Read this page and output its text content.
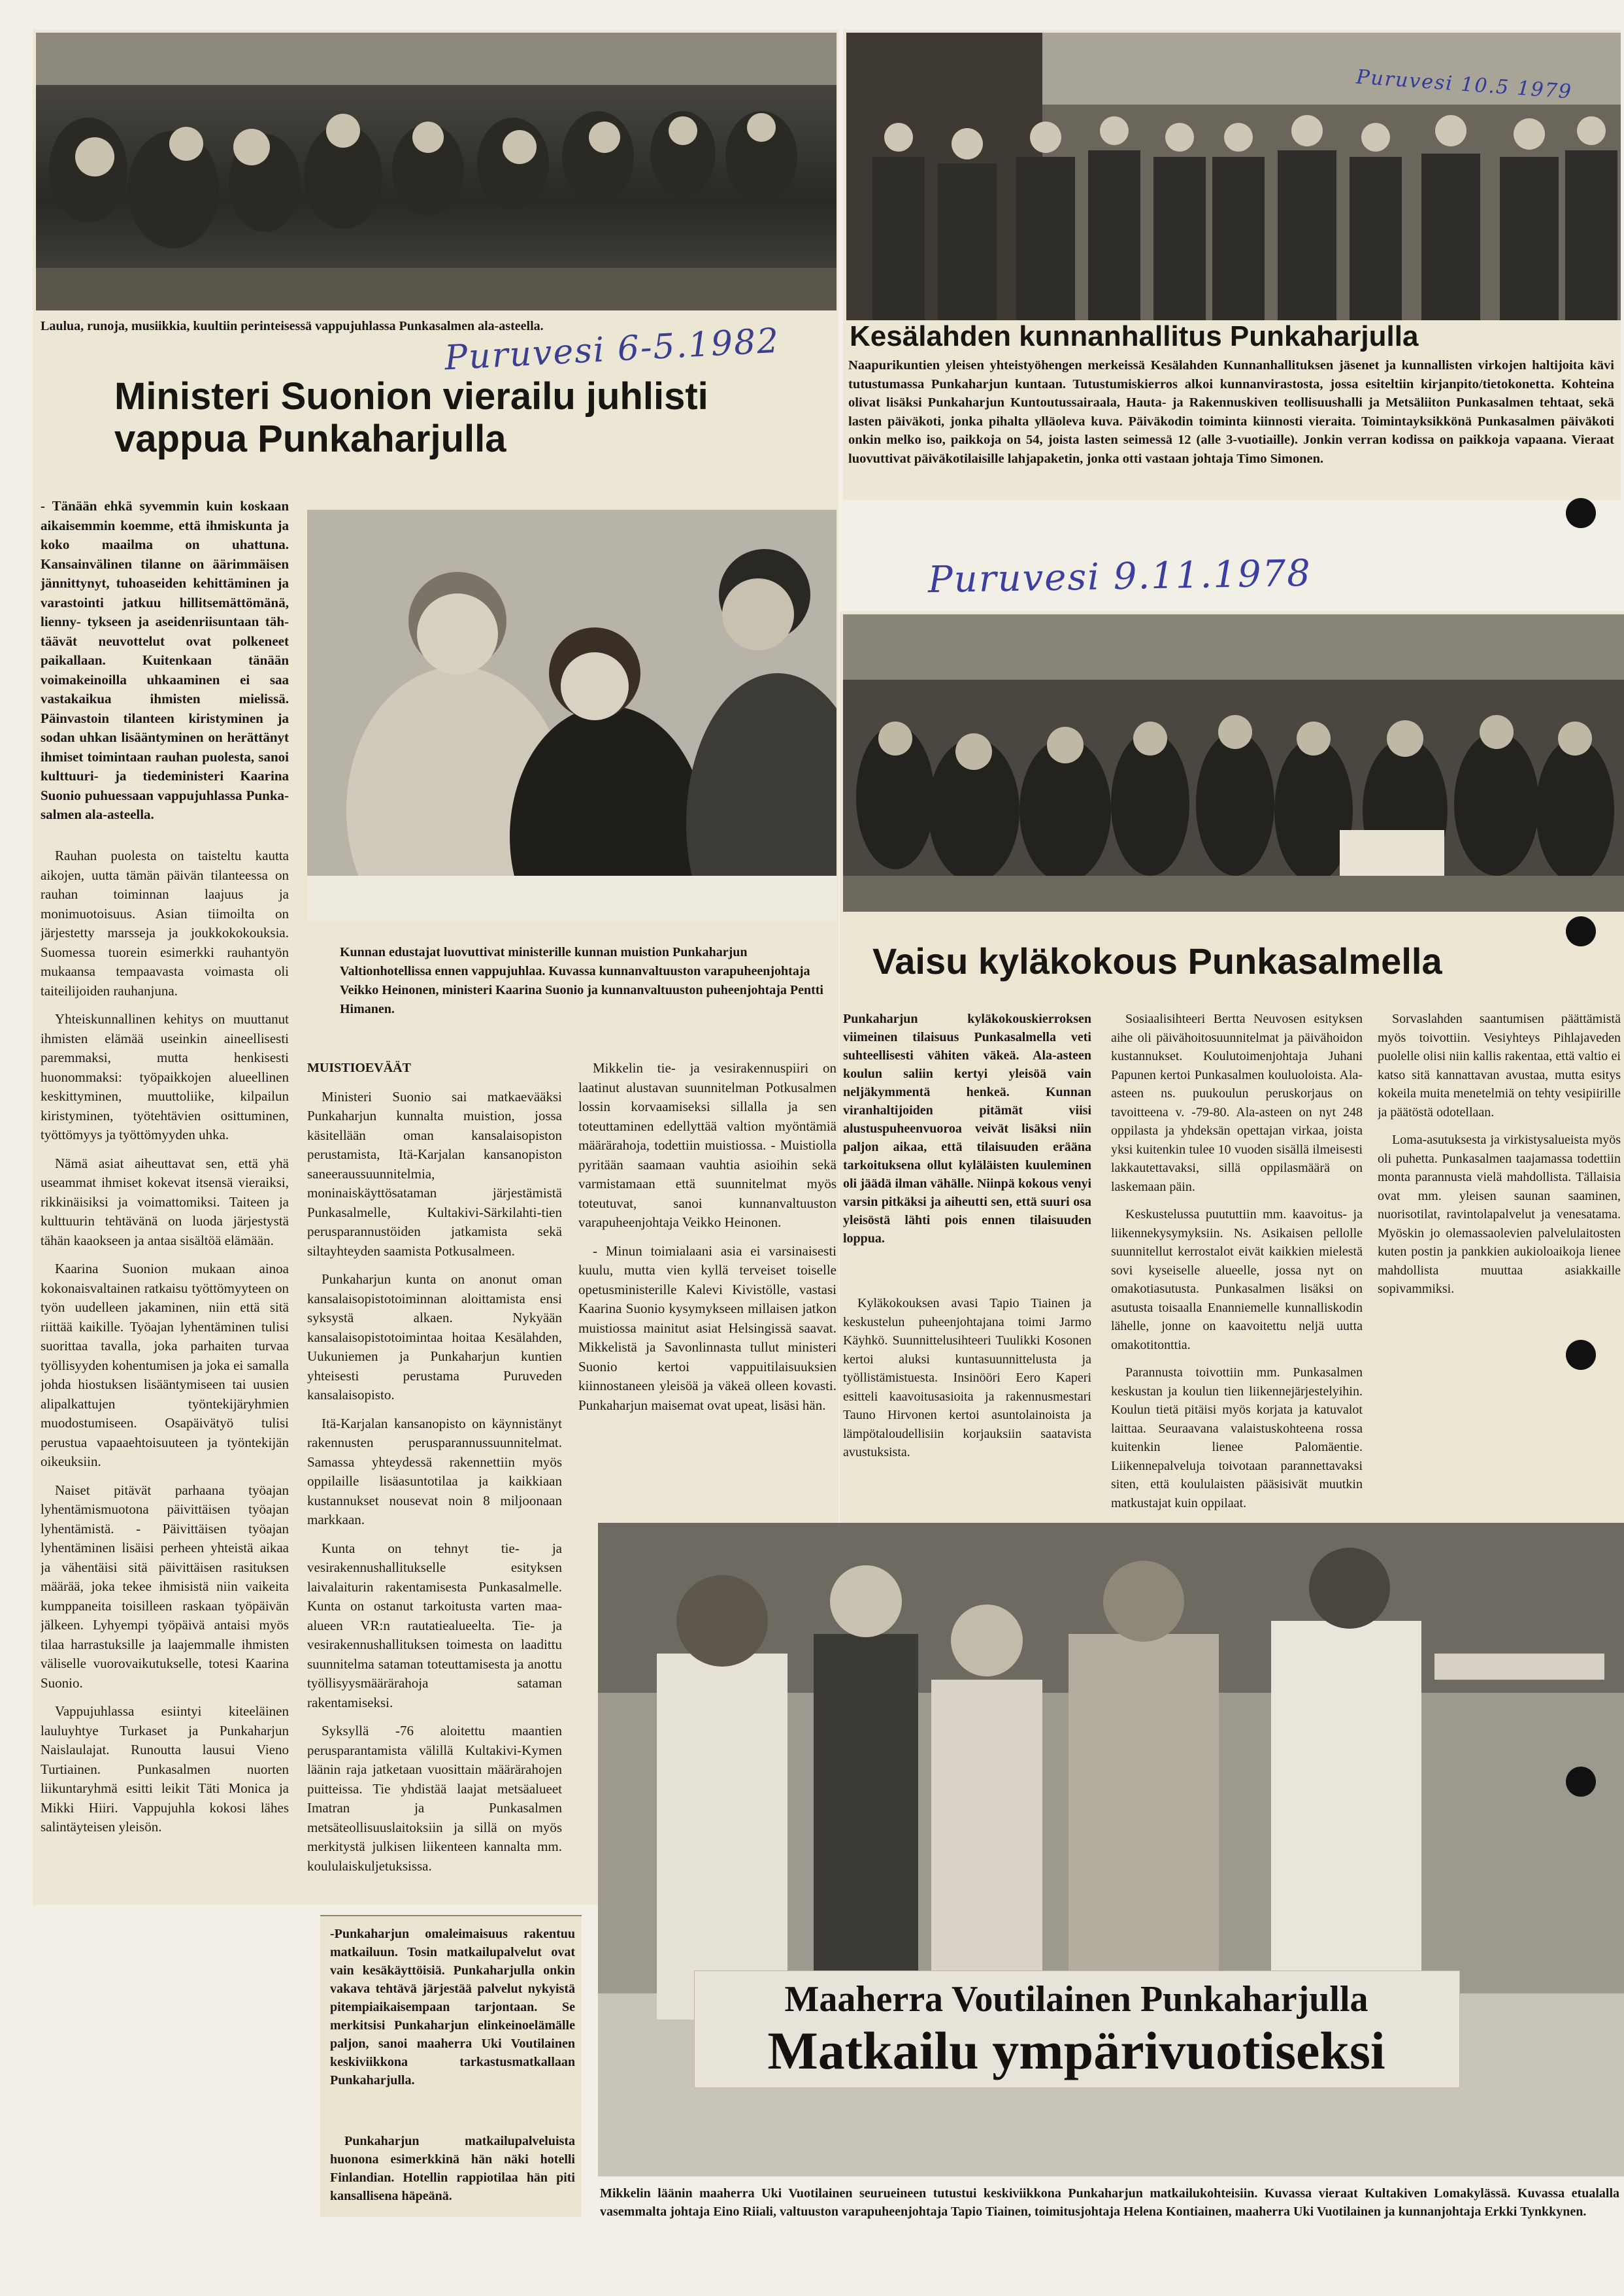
Laulua, runoja, musiikkia, kuultiin perinteisessä vappujuhlassa Punkasalmen ala-asteella.
Puruvesi 6-5.1982
Ministeri Suonion vierailu juhlisti vappua Punkaharjulla
- Tänään ehkä syvemmin kuin koskaan aikaisemmin koemme, että ihmiskunta ja koko maailma on uhattuna. Kansainvälinen tilanne on äärimmäisen jännittynyt, tuhoaseiden kehittäminen ja varastointi jatkuu hillitsemättömänä, lienny- tykseen ja aseidenriisuntaan täh- täävät neuvottelut ovat polkeneet paikallaan. Kuitenkaan tänään voimakeinoilla uhkaaminen ei saa vastakaikua ihmisten mielissä. Päinvastoin tilanteen kiristyminen ja sodan uhkan lisääntyminen on herättänyt ihmiset toimintaan rauhan puolesta, sanoi kulttuuri- ja tiedeministeri Kaarina Suonio puhuessaan vappujuhlassa Punka- salmen ala-asteella.

Rauhan puolesta on taisteltu kautta aikojen, uutta tämän päivän tilanteessa on rauhan toiminnan laajuus ja monimuotoisuus. Asian tiimoilta on järjestetty marsseja ja joukkokokouksia. Suomessa tuorein esimerkki rauhantyön mukaansa tempaavasta voimasta oli taiteilijoiden rauhanjuna.

Yhteiskunnallinen kehitys on muuttanut ihmisten elämää useinkin aineellisesti paremmaksi, mutta henkisesti huonommaksi: työpaikkojen alueellinen keskittyminen, muuttoliike, kilpailun kiristyminen, työtehtävien osittuminen, työttömyys ja työttömyyden uhka.

Nämä asiat aiheuttavat sen, että yhä useammat ihmiset kokevat itsensä vieraiksi, rikkinäisiksi ja voimattomiksi. Taiteen ja kulttuurin tehtävänä on luoda järjestystä tähän kaaokseen ja antaa sisältöä elämään.

Kaarina Suonion mukaan ainoa kokonaisvaltainen ratkaisu työttömyyteen on työn uudelleen jakaminen, niin että sitä riittää kaikille. Työajan lyhentäminen tulisi suorittaa tavalla, joka parhaiten turvaa työllisyyden kohentumisen ja joka ei samalla johda hiostuksen lisääntymiseen tai uusien alipalkattujen työntekijäryhmien muodostumiseen. Osapäivätyö tulisi perustua vapaaehtoisuuteen ja työntekijän oikeuksiin.

Naiset pitävät parhaana työajan lyhentämismuotona päivittäisen työajan lyhentämistä. - Päivittäisen työajan lyhentäminen lisäisi perheen yhteistä aikaa ja vähentäisi sitä päivittäisen rasituksen määrää, joka tekee ihmisistä niin vaikeita kumppaneita toisilleen raskaan työpäivän jälkeen. Lyhyempi työpäivä antaisi myös tilaa harrastuksille ja laajemmalle ihmisten väliselle vuorovaikutukselle, totesi Kaarina Suonio.

Vappujuhlassa esiintyi kiteeläinen lauluyhtye Turkaset ja Punkaharjun Naislaulajat. Runoutta lausui Vieno Turtiainen. Punkasalmen nuorten liikuntaryhmä esitti leikit Täti Monica ja Mikki Hiiri. Vappujuhla kokosi lähes salintäyteisen yleisön.

Kunnan edustajat luovuttivat ministerille kunnan muistion Punkaharjun Valtionhotellissa ennen vappujuhlaa. Kuvassa kunnanvaltuuston varapuheenjohtaja Veikko Heinonen, ministeri Kaarina Suonio ja kunnanvaltuuston puheenjohtaja Pentti Himanen.

MUISTIOEVÄÄT

Ministeri Suonio sai matkaevääksi Punkaharjun kunnalta muistion, jossa käsitellään oman kansalaisopiston perustamista, Itä-Karjalan kansanopiston saneeraussuunnitelmia, moninaiskäyttösataman järjestämistä Punkasalmelle, Kultakivi-Särkilahti-tien perusparannustöiden jatkamista sekä siltayhteyden saamista Potkusalmeen.

Punkaharjun kunta on anonut oman kansalaisopistotoiminnan aloittamista ensi syksystä alkaen. Nykyään kansalaisopistotoimintaa hoitaa Kesälahden, Uukuniemen ja Punkaharjun kuntien yhteisesti perustama Puruveden kansalaisopisto.

Itä-Karjalan kansanopisto on käynnistänyt rakennusten perusparannussuunnitelmat. Samassa yhteydessä rakennettiin myös oppilaille lisäasuntotilaa ja kaikkiaan kustannukset nousevat noin 8 miljoonaan markkaan.

Kunta on tehnyt tie- ja vesirakennushallitukselle esityksen laivalaiturin rakentamisesta Punkasalmelle. Kunta on ostanut tarkoitusta varten maa-alueen VR:n rautatiealueelta. Tie- ja vesirakennushallituksen toimesta on laadittu suunnitelma sataman toteuttamisesta ja anottu työllisyysmäärärahoja sataman rakentamiseksi.

Syksyllä -76 aloitettu maantien perusparantamista välillä Kultakivi-Kymen läänin raja jatketaan vuosittain määrärahojen puitteissa. Tie yhdistää laajat metsäalueet Imatran ja Punkasalmen metsäteollisuuslaitoksiin ja sillä on myös merkitystä julkisen liikenteen kannalta mm. koululaiskuljetuksissa.

Mikkelin tie- ja vesirakennuspiiri on laatinut alustavan suunnitelman Potkusalmen lossin korvaamiseksi sillalla ja sen toteuttaminen edellyttää valtion myöntämiä määrärahoja, todettiin muistiossa. - Muistiolla pyritään saamaan vauhtia asioihin sekä varmistamaan että suunnitelmat myös toteutuvat, sanoi kunnanvaltuuston varapuheenjohtaja Veikko Heinonen.

- Minun toimialaani asia ei varsinaisesti kuulu, mutta vien kyllä terveiset toiselle opetusministerille Kalevi Kivistölle, vastasi Kaarina Suonio kysymykseen millaisen jatkon muistiossa mainitut asiat Helsingissä saavat. Mikkelistä ja Savonlinnasta tullut ministeri Suonio kertoi vappuitilaisuuksien kiinnostaneen yleisöä ja väkeä olleen kovasti. Punkaharjun maisemat ovat upeat, lisäsi hän.

Puruvesi 10.5 1979
Kesälahden kunnanhallitus Punkaharjulla
Naapurikuntien yleisen yhteistyöhengen merkeissä Kesälahden Kunnanhallituksen jäsenet ja kunnallisten virkojen haltijoita kävi tutustumassa Punkaharjun kuntaan. Tutustumiskierros alkoi kunnanvirastosta, jossa esiteltiin kirjanpito/tietokonetta. Kohteina olivat lisäksi Punkaharjun Kuntoutussairaala, Hauta- ja Rakennuskiven teollisuushalli ja Metsäliiton Punkasalmen tehtaat, sekä lasten päiväkoti, jonka pihalta ylläoleva kuva. Päiväkodin toiminta kiinnosti vieraita. Toimintayksikkönä Punkasalmen päiväkoti onkin melko iso, paikkoja on 54, joista lasten seimessä 12 (alle 3-vuotiaille). Jonkin verran kodissa on paikkoja vapaana. Vieraat luovuttivat päiväkotilaisille lahjapaketin, jonka otti vastaan johtaja Timo Simonen.
Puruvesi 9.11.1978
Vaisu kyläkokous Punkasalmella
Punkaharjun kyläkokouskierroksen viimeinen tilaisuus Punkasalmella veti suhteellisesti vähiten väkeä. Ala-asteen koulun saliin kertyi yleisöä vain neljäkymmentä henkeä. Kunnan viranhaltijoiden pitämät viisi alustuspuheenvuoroa veivät lisäksi niin paljon aikaa, että tilaisuuden erääna tarkoituksena ollut kyläläisten kuuleminen oli jäädä ilman vähälle. Niinpä kokous venyi varsin pitkäksi ja aiheutti sen, että suuri osa yleisöstä lähti pois ennen tilaisuuden loppua.

Kyläkokouksen avasi Tapio Tiainen ja keskustelun puheenjohtajana toimi Jarmo Käyhkö. Suunnittelusihteeri Tuulikki Kosonen kertoi aluksi kuntasuunnittelusta ja työllistämistuesta. Insinööri Eero Kaperi esitteli kaavoitusasioita ja rakennusmestari Tauno Hirvonen kertoi asuntolainoista ja lämpötaloudellisiin korjauksiin saatavista avustuksista.

Sosiaalisihteeri Bertta Neuvosen esityksen aihe oli päivähoitosuunnitelmat ja päivähoidon kustannukset. Koulutoimenjohtaja Juhani Papunen kertoi Punkasalmen kouluoloista. Ala-asteen ns. puukoulun peruskorjaus on tavoitteena v. -79-80. Ala-asteen on nyt 248 oppilasta ja yhdeksän opettajan virkaa, joista yksi kuitenkin tulee 10 vuoden sisällä ilmeisesti lakkautettavaksi, sillä oppilasmäärä on laskemaan päin.

Keskustelussa puututtiin mm. kaavoitus- ja liikennekysymyksiin. Ns. Asikaisen pellolle suunnitellut kerrostalot eivät kaikkien mielestä sovi kyseiselle alueelle, jossa nyt on omakotiasutusta. Punkasalmen lisäksi on asutusta toisaalla Enanniemelle kunnalliskodin lähelle, jonne on kaavoitettu neljä uutta omakotitonttia.

Parannusta toivottiin mm. Punkasalmen keskustan ja koulun tien liikennejärjestelyihin. Koulun tietä pitäisi myös korjata ja katuvalot laittaa. Seuraavana valaistuskohteena rossa kuitenkin lienee Palomäentie. Liikennepalveluja toivotaan parannettavaksi siten, että koululaisten pääsisivät muutkin matkustajat kuin oppilaat.

Sorvaslahden saantumisen päättämistä myös toivottiin. Vesiyhteys Pihlajaveden puolelle olisi niin kallis rakentaa, että valtio ei katso sitä kannattavan avustaa, mutta esitys kokeila muita menetelmiä on tehty vesipiirille ja päätöstä odotellaan.

Loma-asutuksesta ja virkistysalueista myös oli puhetta. Punkasalmen taajamassa todettiin monta parannusta vielä mahdollista. Tällaisia ovat mm. yleisen saunan saaminen, nuorisotilat, ravintolapalvelut ja venesatama. Myöskin jo olemassaolevien palvelulaitosten kuten postin ja pankkien aukioloaikoja lienee mahdollista muuttaa asiakkaille sopivammiksi.

-Punkaharjun omaleimaisuus rakentuu matkailuun. Tosin matkailupalvelut ovat vain kesäkäyttöisiä. Punkaharjulla onkin vakava tehtävä järjestää palvelut nykyistä pitempiaikaisempaan tarjontaan. Se merkitsisi Punkaharjun elinkeinoelämälle paljon, sanoi maaherra Uki Voutilainen keskiviikkona tarkastusmatkallaan Punkaharjulla.
Punkaharjun matkailupalveluista huonona esimerkkinä hän näki hotelli Finlandian. Hotellin rappiotilaa hän piti kansallisena häpeänä.
Maaherra Voutilainen Punkaharjulla
Matkailu ympärivuotiseksi
Mikkelin läänin maaherra Uki Vuotilainen seurueineen tutustui keskiviikkona Punkaharjun matkailukohteisiin. Kuvassa vieraat Kultakiven Lomakylässä. Kuvassa etualalla vasemmalta johtaja Eino Riiali, valtuuston varapuheenjohtaja Tapio Tiainen, toimitusjohtaja Helena Kontiainen, maaherra Uki Vuotilainen ja kunnanjohtaja Erkki Tynkkynen.
